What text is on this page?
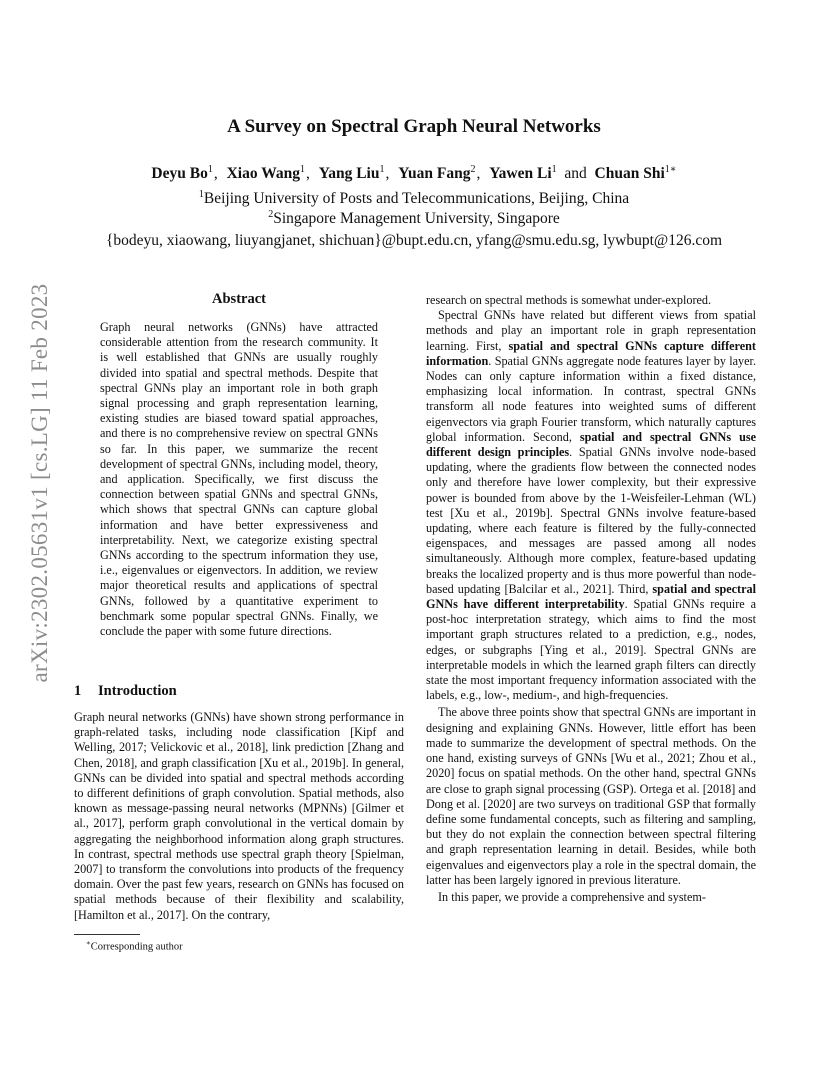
arXiv:2302.05631v1 [cs.LG] 11 Feb 2023
A Survey on Spectral Graph Neural Networks
Deyu Bo$^1$, Xiao Wang$^1$, Yang Liu$^1$, Yuan Fang$^2$, Yawen Li$^1$ and Chuan Shi$^{1∗}$
$^1$Beijing University of Posts and Telecommunications, Beijing, China
$^2$Singapore Management University, Singapore
{bodeyu, xiaowang, liuyangjanet, shichuan}@bupt.edu.cn, yfang@smu.edu.sg, lywbupt@126.com
Abstract
Graph neural networks (GNNs) have attracted considerable attention from the research community. It is well established that GNNs are usually roughly divided into spatial and spectral methods. Despite that spectral GNNs play an important role in both graph signal processing and graph representation learning, existing studies are biased toward spatial approaches, and there is no comprehensive review on spectral GNNs so far. In this paper, we summarize the recent development of spectral GNNs, including model, theory, and application. Specifically, we first discuss the connection between spatial GNNs and spectral GNNs, which shows that spectral GNNs can capture global information and have better expressiveness and interpretability. Next, we categorize existing spectral GNNs according to the spectrum information they use, i.e., eigenvalues or eigenvectors. In addition, we review major theoretical results and applications of spectral GNNs, followed by a quantitative experiment to benchmark some popular spectral GNNs. Finally, we conclude the paper with some future directions.
1 Introduction

Graph neural networks (GNNs) have shown strong performance in graph-related tasks, including node classification [Kipf and Welling, 2017; Velickovic et al., 2018], link prediction [Zhang and Chen, 2018], and graph classification [Xu et al., 2019b]. In general, GNNs can be divided into spatial and spectral methods according to different definitions of graph convolution. Spatial methods, also known as message-passing neural networks (MPNNs) [Gilmer et al., 2017], perform graph convolutional in the vertical domain by aggregating the neighborhood information along graph structures. In contrast, spectral methods use spectral graph theory [Spielman, 2007] to transform the convolutions into products of the frequency domain. Over the past few years, research on GNNs has focused on spatial methods because of their flexibility and scalability, [Hamilton et al., 2017]. On the contrary,

research on spectral methods is somewhat under-explored.

Spectral GNNs have related but different views from spatial methods and play an important role in graph representation learning. First, spatial and spectral GNNs capture different information. Spatial GNNs aggregate node features layer by layer. Nodes can only capture information within a fixed distance, emphasizing local information. In contrast, spectral GNNs transform all node features into weighted sums of different eigenvectors via graph Fourier transform, which naturally captures global information. Second, spatial and spectral GNNs use different design principles. Spatial GNNs involve node-based updating, where the gradients flow between the connected nodes only and therefore have lower complexity, but their expressive power is bounded from above by the 1-Weisfeiler-Lehman (WL) test [Xu et al., 2019b]. Spectral GNNs involve feature-based updating, where each feature is filtered by the fully-connected eigenspaces, and messages are passed among all nodes simultaneously. Although more complex, feature-based updating breaks the localized property and is thus more powerful than node-based updating [Balcilar et al., 2021]. Third, spatial and spectral GNNs have different interpretability. Spatial GNNs require a post-hoc interpretation strategy, which aims to find the most important graph structures related to a prediction, e.g., nodes, edges, or subgraphs [Ying et al., 2019]. Spectral GNNs are interpretable models in which the learned graph filters can directly state the most important frequency information associated with the labels, e.g., low-, medium-, and high-frequencies.

The above three points show that spectral GNNs are important in designing and explaining GNNs. However, little effort has been made to summarize the development of spectral methods. On the one hand, existing surveys of GNNs [Wu et al., 2021; Zhou et al., 2020] focus on spatial methods. On the other hand, spectral GNNs are close to graph signal processing (GSP). Ortega et al. [2018] and Dong et al. [2020] are two surveys on traditional GSP that formally define some fundamental concepts, such as filtering and sampling, but they do not explain the connection between spectral filtering and graph representation learning in detail. Besides, while both eigenvalues and eigenvectors play a role in the spectral domain, the latter has been largely ignored in previous literature.

In this paper, we provide a comprehensive and system-

∗Corresponding author
